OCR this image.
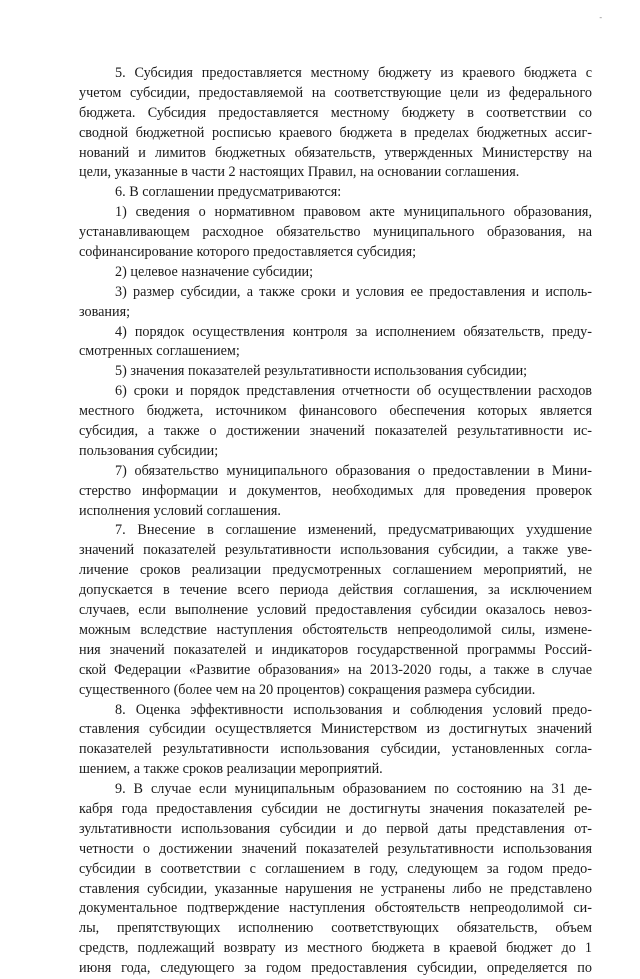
-
5. Субсидия предоставляется местному бюджету из краевого бюджета с
учетом субсидии, предоставляемой на соответствующие цели из федерального
бюджета. Субсидия предоставляется местному бюджету в соответствии со
сводной бюджетной росписью краевого бюджета в пределах бюджетных ассиг-
нований и лимитов бюджетных обязательств, утвержденных Министерству на
цели, указанные в части 2 настоящих Правил, на основании соглашения.
6. В соглашении предусматриваются:
1) сведения о нормативном правовом акте муниципального образования,
устанавливающем расходное обязательство муниципального образования, на
софинансирование которого предоставляется субсидия;
2) целевое назначение субсидии;
3) размер субсидии, а также сроки и условия ее предоставления и исполь-
зования;
4) порядок осуществления контроля за исполнением обязательств, преду-
смотренных соглашением;
5) значения показателей результативности использования субсидии;
6) сроки и порядок представления отчетности об осуществлении расходов
местного бюджета, источником финансового обеспечения которых является
субсидия, а также о достижении значений показателей результативности ис-
пользования субсидии;
7) обязательство муниципального образования о предоставлении в Мини-
стерство информации и документов, необходимых для проведения проверок
исполнения условий соглашения.
7. Внесение в соглашение изменений, предусматривающих ухудшение
значений показателей результативности использования субсидии, а также уве-
личение сроков реализации предусмотренных соглашением мероприятий, не
допускается в течение всего периода действия соглашения, за исключением
случаев, если выполнение условий предоставления субсидии оказалось невоз-
можным вследствие наступления обстоятельств непреодолимой силы, измене-
ния значений показателей и индикаторов государственной программы Россий-
ской Федерации «Развитие образования» на 2013-2020 годы, а также в случае
существенного (более чем на 20 процентов) сокращения размера субсидии.
8. Оценка эффективности использования и соблюдения условий предо-
ставления субсидии осуществляется Министерством из достигнутых значений
показателей результативности использования субсидии, установленных согла-
шением, а также сроков реализации мероприятий.
9. В случае если муниципальным образованием по состоянию на 31 де-
кабря года предоставления субсидии не достигнуты значения показателей ре-
зультативности использования субсидии и до первой даты представления от-
четности о достижении значений показателей результативности использования
субсидии в соответствии с соглашением в году, следующем за годом предо-
ставления субсидии, указанные нарушения не устранены либо не представлено
документальное подтверждение наступления обстоятельств непреодолимой си-
лы, препятствующих исполнению соответствующих обязательств, объем
средств, подлежащий возврату из местного бюджета в краевой бюджет до 1
июня года, следующего за годом предоставления субсидии, определяется по
